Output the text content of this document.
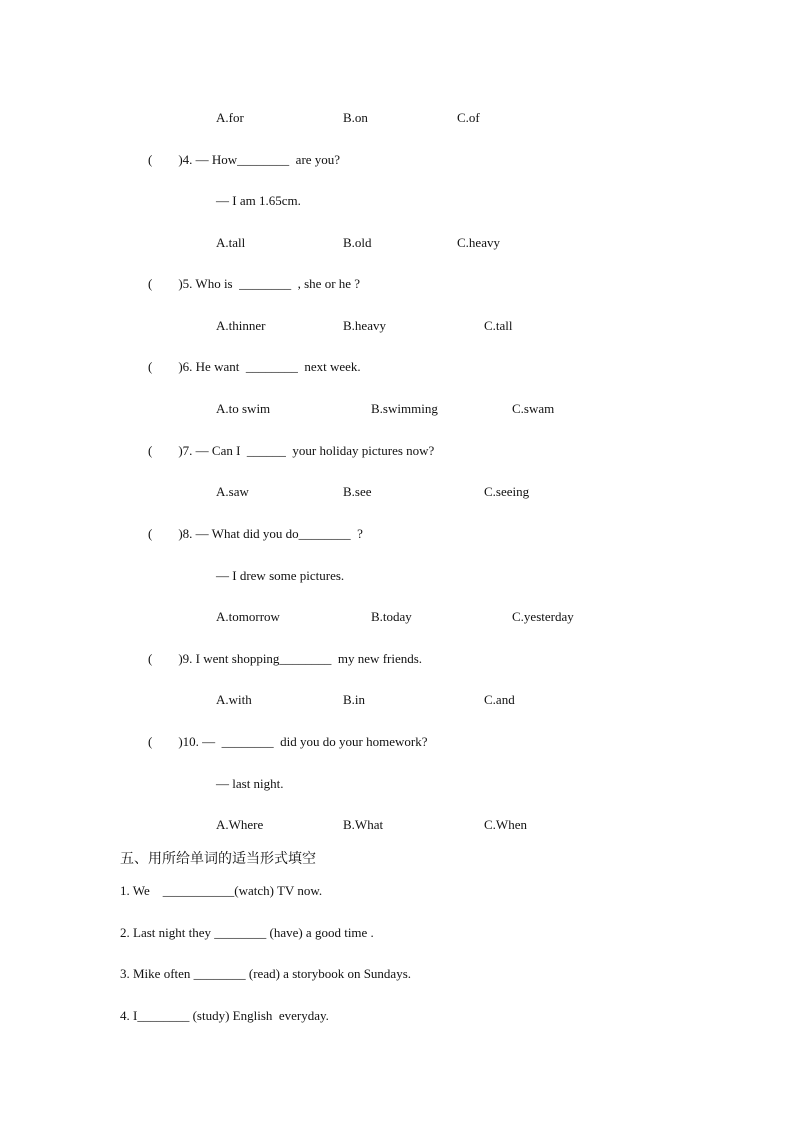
A.for	B.on	C.of
(        )4. — How________  are you?
— I am 1.65cm.
A.tall	B.old	C.heavy
(        )5. Who is  ________  , she or he ?
A.thinner	B.heavy	C.tall
(        )6. He want  ________  next week.
A.to swim	B.swimming	C.swam
(        )7. — Can I  ______  your holiday pictures now?
A.saw	B.see	C.seeing
(        )8. — What did you do________  ?
— I drew some pictures.
A.tomorrow	B.today	C.yesterday
(        )9. I went shopping________  my new friends.
A.with	B.in	C.and
(        )10. —  ________  did you do your homework?
— last night.
A.Where	B.What	C.When
五、用所给单词的适当形式填空
1. We    ___________(watch) TV now.
2. Last night they ________ (have) a good time .
3. Mike often ________ (read) a storybook on Sundays.
4. I________ (study) English  everyday.
